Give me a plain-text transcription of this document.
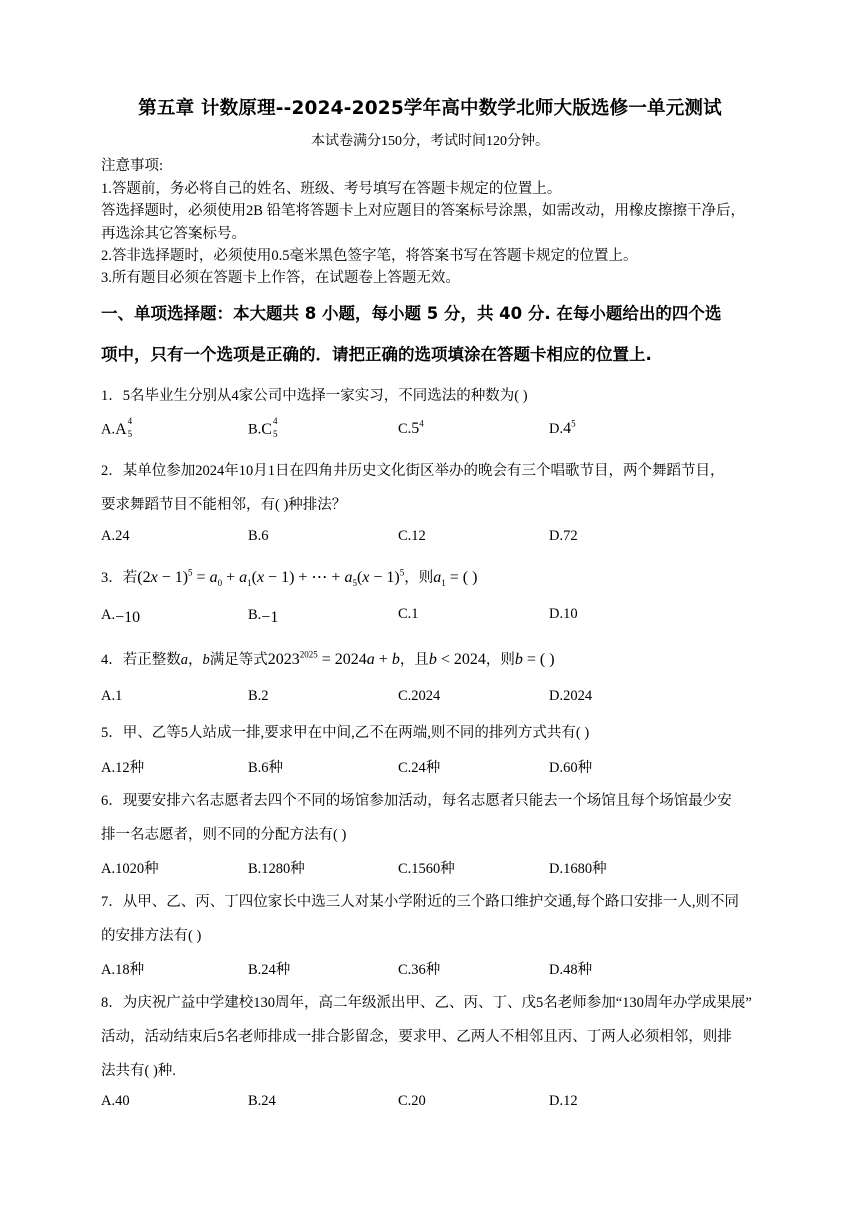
第五章 计数原理--2024-2025学年高中数学北师大版选修一单元测试
本试卷满分150分，考试时间120分钟。
注意事项:
1.答题前，务必将自己的姓名、班级、考号填写在答题卡规定的位置上。
答选择题时，必须使用2B 铅笔将答题卡上对应题目的答案标号涂黑，如需改动，用橡皮擦擦干净后，
再选涂其它答案标号。
2.答非选择题时，必须使用0.5毫米黑色签字笔，将答案书写在答题卡规定的位置上。
3.所有题目必须在答题卡上作答，在试题卷上答题无效。
一、单项选择题：本大题共 8 小题，每小题 5 分，共 40 分. 在每小题给出的四个选
项中，只有一个选项是正确的．请把正确的选项填涂在答题卡相应的位置上.
1．5名毕业生分别从4家公司中选择一家实习，不同选法的种数为( )
A.A 4
5	B.C 4
5	$C.5^4$	$D.4^5$
2．某单位参加2024年10月1日在四角井历史文化街区举办的晚会有三个唱歌节目，两个舞蹈节目，
要求舞蹈节目不能相邻，有( )种排法？
A.24	B.6	C.12	D.72
3．若$(2x - 1)^5 = a_0 + a_1(x - 1)$ + ⋯ + $a_5(x - 1)^5$，则$a_1$ = ( )
A.−10	B.−1	C.1	D.10
4．若正整数a，b满足等式$2023^{2025} = 2024a + b$，且b < 2024，则b = ( )
A.1	B.2	C.2024	D.2024
5．甲、乙等5人站成一排,要求甲在中间,乙不在两端,则不同的排列方式共有( )
A.12种	B.6种	C.24种	D.60种
6．现要安排六名志愿者去四个不同的场馆参加活动，每名志愿者只能去一个场馆且每个场馆最少安
排一名志愿者，则不同的分配方法有( )
A.1020种	B.1280种	C.1560种	D.1680种
7．从甲、乙、丙、丁四位家长中选三人对某小学附近的三个路口维护交通,每个路口安排一人,则不同
的安排方法有( )
A.18种	B.24种	C.36种	D.48种
8．为庆祝广益中学建校130周年，高二年级派出甲、乙、丙、丁、戊5名老师参加“130周年办学成果展”
活动，活动结束后5名老师排成一排合影留念，要求甲、乙两人不相邻且丙、丁两人必须相邻，则排
法共有( )种.
A.40	B.24	C.20	D.12
